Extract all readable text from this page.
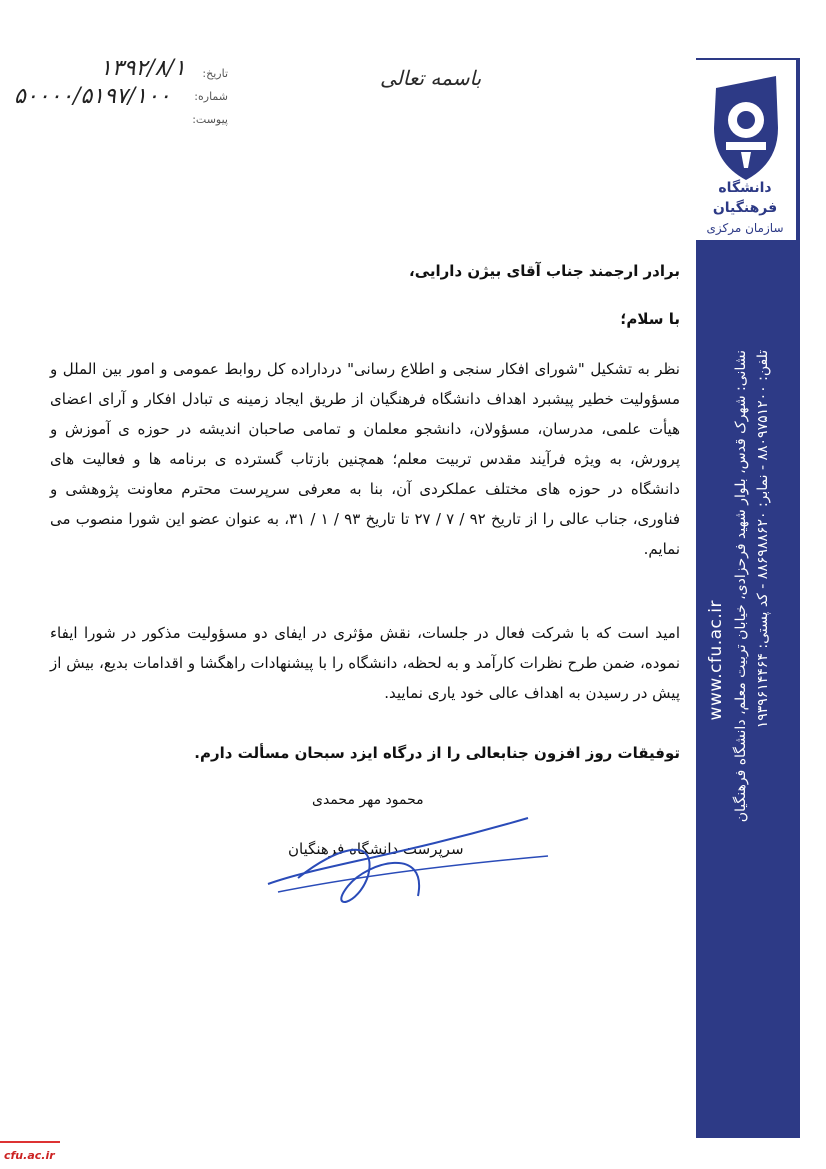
نشانی: شهرک قدس، بلوار شهید فرحزادی، خیابان تربیت معلم، دانشگاه فرهنگیان تلفن: ۸۸۰۹۷۵۱۲۰۰ - نمابر: ۸۸۶۹۸۸۶۲۰ - کد پستی: ۱۹۳۹۶۱۴۴۶۴
www.cfu.ac.ir
دانشگاه فرهنگیان
سازمان مرکزی
تاریخ:
شماره:
پیوست:
۱۳۹۲/۸/۱
۵۰۰۰۰/۵۱۹۷/۱۰۰
باسمه تعالی
برادر ارجمند جناب آقای بیژن دارایی،
با سلام؛
نظر به تشکیل "شورای افکار سنجی و اطلاع رسانی" درداراده کل روابط عمومی و امور بین الملل و مسؤولیت خطیر پیشبرد اهداف دانشگاه فرهنگیان از طریق ایجاد زمینه ی تبادل افکار و آرای اعضای هیأت علمی، مدرسان، مسؤولان، دانشجو معلمان و تمامی صاحبان اندیشه در حوزه ی آموزش و پرورش، به ویژه فرآیند مقدس تربیت معلم؛ همچنین بازتاب گسترده ی برنامه ها و فعالیت های دانشگاه در حوزه های مختلف عملکردی آن، بنا به معرفی سرپرست محترم معاونت پژوهشی و فناوری، جناب عالی را از تاریخ ۹۲ / ۷ / ۲۷ تا تاریخ ۹۳ / ۱ / ۳۱، به عنوان عضو این شورا منصوب می نمایم.
امید است که با شرکت فعال در جلسات، نقش مؤثری در ایفای دو مسؤولیت مذکور در شورا ایفاء نموده، ضمن طرح نظرات کارآمد و به لحظه، دانشگاه را با پیشنهادات راهگشا و اقدامات بدیع، بیش از پیش در رسیدن به اهداف عالی خود یاری نمایید.
توفیقات روز افزون جنابعالی را از درگاه ایزد سبحان مسألت دارم.
محمود مهر محمدی
سرپرست دانشگاه فرهنگیان
cfu.ac.ir
